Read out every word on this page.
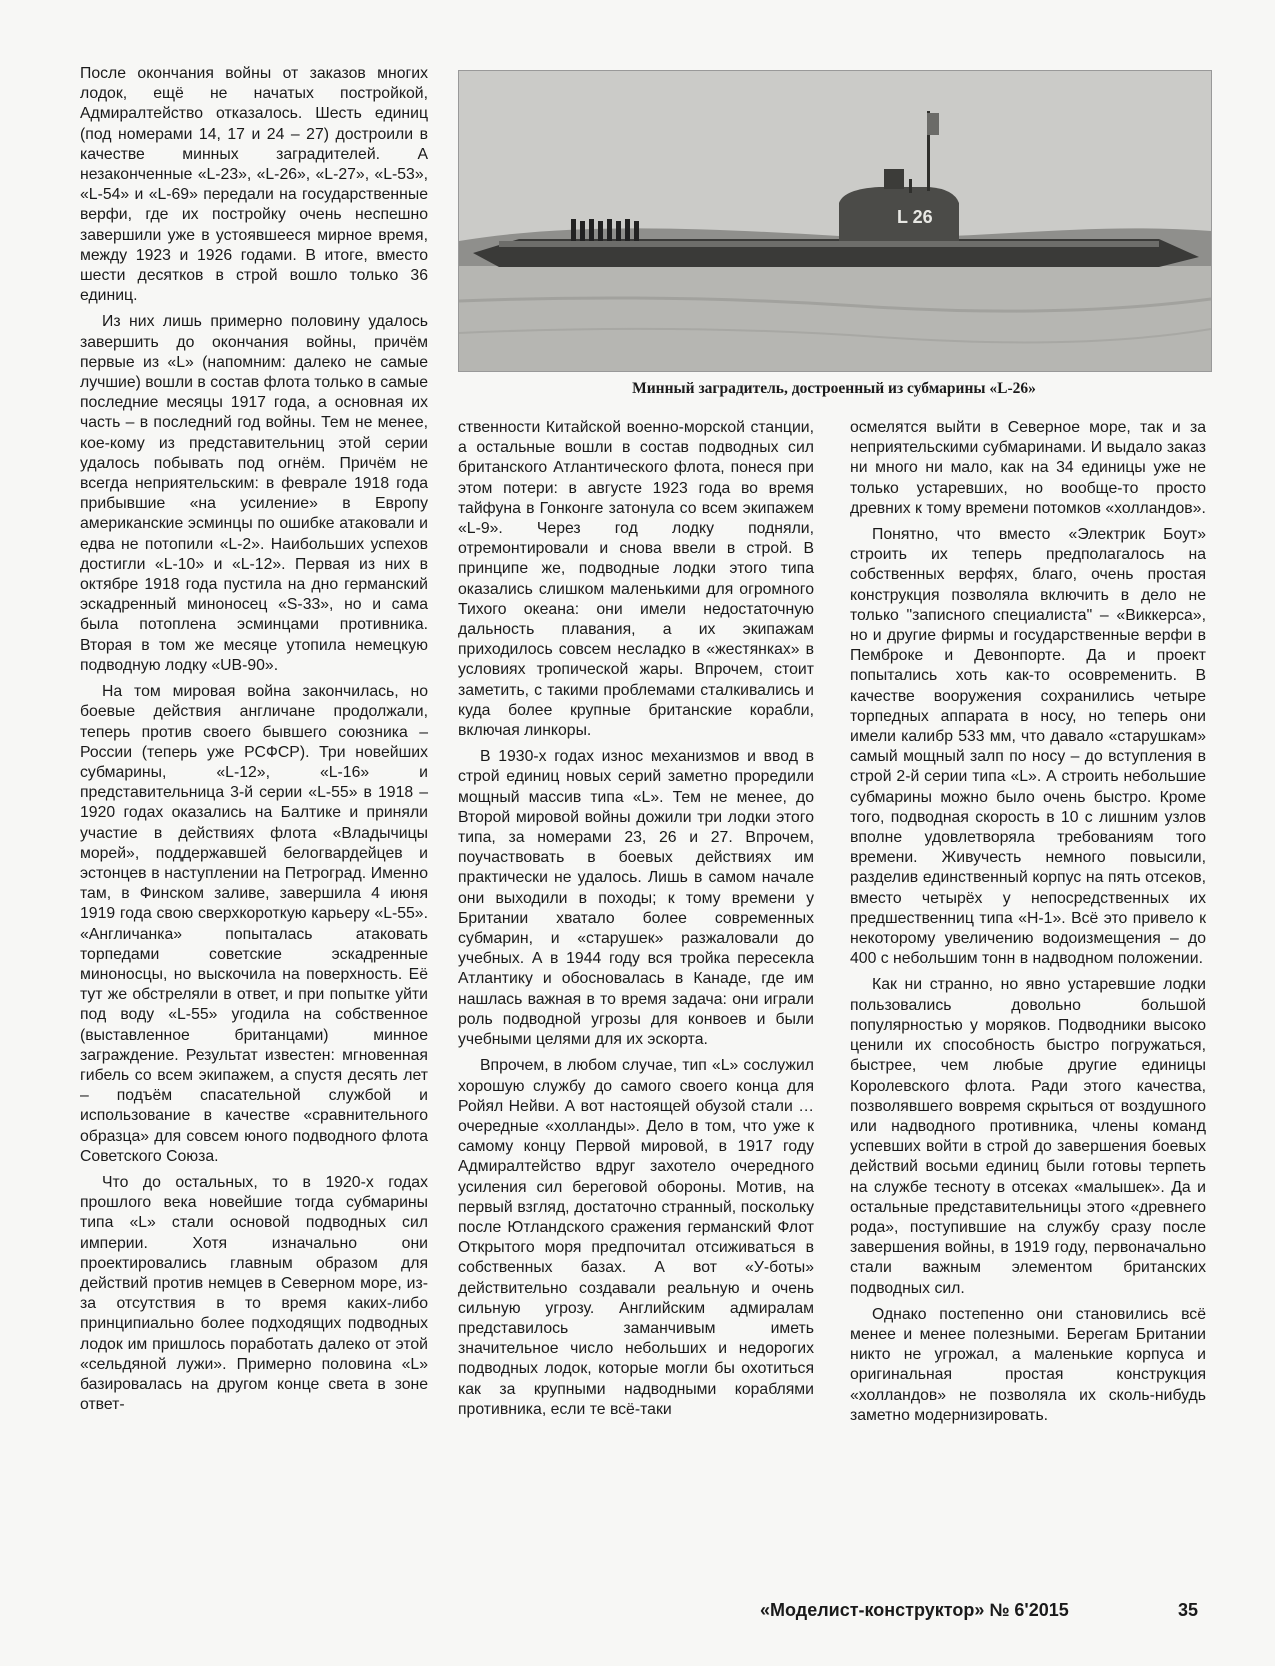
После окончания войны от заказов многих лодок, ещё не начатых постройкой, Адмиралтейство отказалось. Шесть единиц (под номерами 14, 17 и 24 – 27) достроили в качестве минных заградителей. А незаконченные «L-23», «L-26», «L-27», «L-53», «L-54» и «L-69» передали на государственные верфи, где их постройку очень неспешно завершили уже в устоявшееся мирное время, между 1923 и 1926 годами. В итоге, вместо шести десятков в строй вошло только 36 единиц.

Из них лишь примерно половину удалось завершить до окончания войны, причём первые из «L» (напомним: далеко не самые лучшие) вошли в состав флота только в самые последние месяцы 1917 года, а основная их часть – в последний год войны. Тем не менее, кое-кому из представительниц этой серии удалось побывать под огнём. Причём не всегда неприятельским: в феврале 1918 года прибывшие «на усиление» в Европу американские эсминцы по ошибке атаковали и едва не потопили «L-2». Наибольших успехов достигли «L-10» и «L-12». Первая из них в октябре 1918 года пустила на дно германский эскадренный миноносец «S-33», но и сама была потоплена эсминцами противника. Вторая в том же месяце утопила немецкую подводную лодку «UB-90».

На том мировая война закончилась, но боевые действия англичане продолжали, теперь против своего бывшего союзника – России (теперь уже РСФСР). Три новейших субмарины, «L-12», «L-16» и представительница 3-й серии «L-55» в 1918 – 1920 годах оказались на Балтике и приняли участие в действиях флота «Владычицы морей», поддержавшей белогвардейцев и эстонцев в наступлении на Петроград. Именно там, в Финском заливе, завершила 4 июня 1919 года свою сверхкороткую карьеру «L-55». «Англичанка» попыталась атаковать торпедами советские эскадренные миноносцы, но выскочила на поверхность. Её тут же обстреляли в ответ, и при попытке уйти под воду «L-55» угодила на собственное (выставленное британцами) минное заграждение. Результат известен: мгновенная гибель со всем экипажем, а спустя десять лет – подъём спасательной службой и использование в качестве «сравнительного образца» для совсем юного подводного флота Советского Союза.

Что до остальных, то в 1920-х годах прошлого века новейшие тогда субмарины типа «L» стали основой подводных сил империи. Хотя изначально они проектировались главным образом для действий против немцев в Северном море, из-за отсутствия в то время каких-либо принципиально более подходящих подводных лодок им пришлось поработать далеко от этой «сельдяной лужи». Примерно половина «L» базировалась на другом конце света в зоне ответ-

L 26
Минный заградитель, достроенный из субмарины «L-26»

ственности Китайской военно-морской станции, а остальные вошли в состав подводных сил британского Атлантического флота, понеся при этом потери: в августе 1923 года во время тайфуна в Гонконге затонула со всем экипажем «L-9». Через год лодку подняли, отремонтировали и снова ввели в строй. В принципе же, подводные лодки этого типа оказались слишком маленькими для огромного Тихого океана: они имели недостаточную дальность плавания, а их экипажам приходилось совсем несладко в «жестянках» в условиях тропической жары. Впрочем, стоит заметить, с такими проблемами сталкивались и куда более крупные британские корабли, включая линкоры.

В 1930-х годах износ механизмов и ввод в строй единиц новых серий заметно проредили мощный массив типа «L». Тем не менее, до Второй мировой войны дожили три лодки этого типа, за номерами 23, 26 и 27. Впрочем, поучаствовать в боевых действиях им практически не удалось. Лишь в самом начале они выходили в походы; к тому времени у Британии хватало более современных субмарин, и «старушек» разжаловали до учебных. А в 1944 году вся тройка пересекла Атлантику и обосновалась в Канаде, где им нашлась важная в то время задача: они играли роль подводной угрозы для конвоев и были учебными целями для их эскорта.

Впрочем, в любом случае, тип «L» сослужил хорошую службу до самого своего конца для Ройял Нейви. А вот настоящей обузой стали … очередные «холланды». Дело в том, что уже к самому концу Первой мировой, в 1917 году Адмиралтейство вдруг захотело очередного усиления сил береговой обороны. Мотив, на первый взгляд, достаточно странный, поскольку после Ютландского сражения германский Флот Открытого моря предпочитал отсиживаться в собственных базах. А вот «У-боты» действительно создавали реальную и очень сильную угрозу. Английским адмиралам представилось заманчивым иметь значительное число небольших и недорогих подводных лодок, которые могли бы охотиться как за крупными надводными кораблями противника, если те всё-таки

осмелятся выйти в Северное море, так и за неприятельскими субмаринами. И выдало заказ ни много ни мало, как на 34 единицы уже не только устаревших, но вообще-то просто древних к тому времени потомков «холландов».

Понятно, что вместо «Электрик Боут» строить их теперь предполагалось на собственных верфях, благо, очень простая конструкция позволяла включить в дело не только "записного специалиста" – «Виккерса», но и другие фирмы и государственные верфи в Пемброке и Девонпорте. Да и проект попытались хоть как-то осовременить. В качестве вооружения сохранились четыре торпедных аппарата в носу, но теперь они имели калибр 533 мм, что давало «старушкам» самый мощный залп по носу – до вступления в строй 2-й серии типа «L». А строить небольшие субмарины можно было очень быстро. Кроме того, подводная скорость в 10 с лишним узлов вполне удовлетворяла требованиям того времени. Живучесть немного повысили, разделив единственный корпус на пять отсеков, вместо четырёх у непосредственных их предшественниц типа «Н-1». Всё это привело к некоторому увеличению водоизмещения – до 400 с небольшим тонн в надводном положении.

Как ни странно, но явно устаревшие лодки пользовались довольно большой популярностью у моряков. Подводники высоко ценили их способность быстро погружаться, быстрее, чем любые другие единицы Королевского флота. Ради этого качества, позволявшего вовремя скрыться от воздушного или надводного противника, члены команд успевших войти в строй до завершения боевых действий восьми единиц были готовы терпеть на службе тесноту в отсеках «малышек». Да и остальные представительницы этого «древнего рода», поступившие на службу сразу после завершения войны, в 1919 году, первоначально стали важным элементом британских подводных сил.

Однако постепенно они становились всё менее и менее полезными. Берегам Британии никто не угрожал, а маленькие корпуса и оригинальная простая конструкция «холландов» не позволяла их сколь-нибудь заметно модернизировать.

«Моделист-конструктор» № 6'2015	35
